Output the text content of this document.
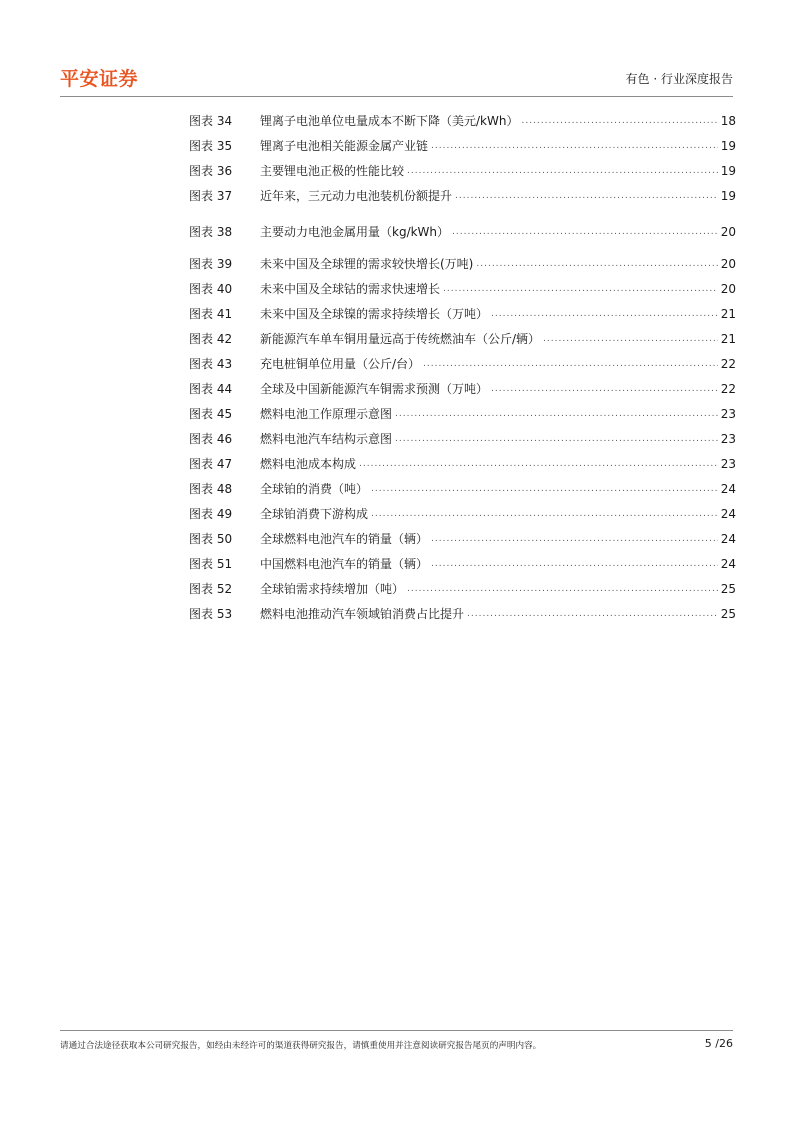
平安证券	有色 · 行业深度报告
图表 34	锂离子电池单位电量成本不断下降（美元/kWh） .....	18
图表 35	锂离子电池相关能源金属产业链 .....	19
图表 36	主要锂电池正极的性能比较 .....	19
图表 37	近年来，三元动力电池装机份额提升 .....	19
图表 38	主要动力电池金属用量（kg/kWh） .....	20
图表 39	未来中国及全球锂的需求较快增长(万吨) .....	20
图表 40	未来中国及全球钴的需求快速增长 .....	20
图表 41	未来中国及全球镍的需求持续增长（万吨） .....	21
图表 42	新能源汽车单车铜用量远高于传统燃油车（公斤/辆） .....	21
图表 43	充电桩铜单位用量（公斤/台） .....	22
图表 44	全球及中国新能源汽车铜需求预测（万吨） .....	22
图表 45	燃料电池工作原理示意图 .....	23
图表 46	燃料电池汽车结构示意图 .....	23
图表 47	燃料电池成本构成 .....	23
图表 48	全球铂的消费（吨） .....	24
图表 49	全球铂消费下游构成 .....	24
图表 50	全球燃料电池汽车的销量（辆） .....	24
图表 51	中国燃料电池汽车的销量（辆） .....	24
图表 52	全球铂需求持续增加（吨） .....	25
图表 53	燃料电池推动汽车领域铂消费占比提升 .....	25
请通过合法途径获取本公司研究报告，如经由未经许可的渠道获得研究报告，请慎重使用并注意阅读研究报告尾页的声明内容。	5 /26
